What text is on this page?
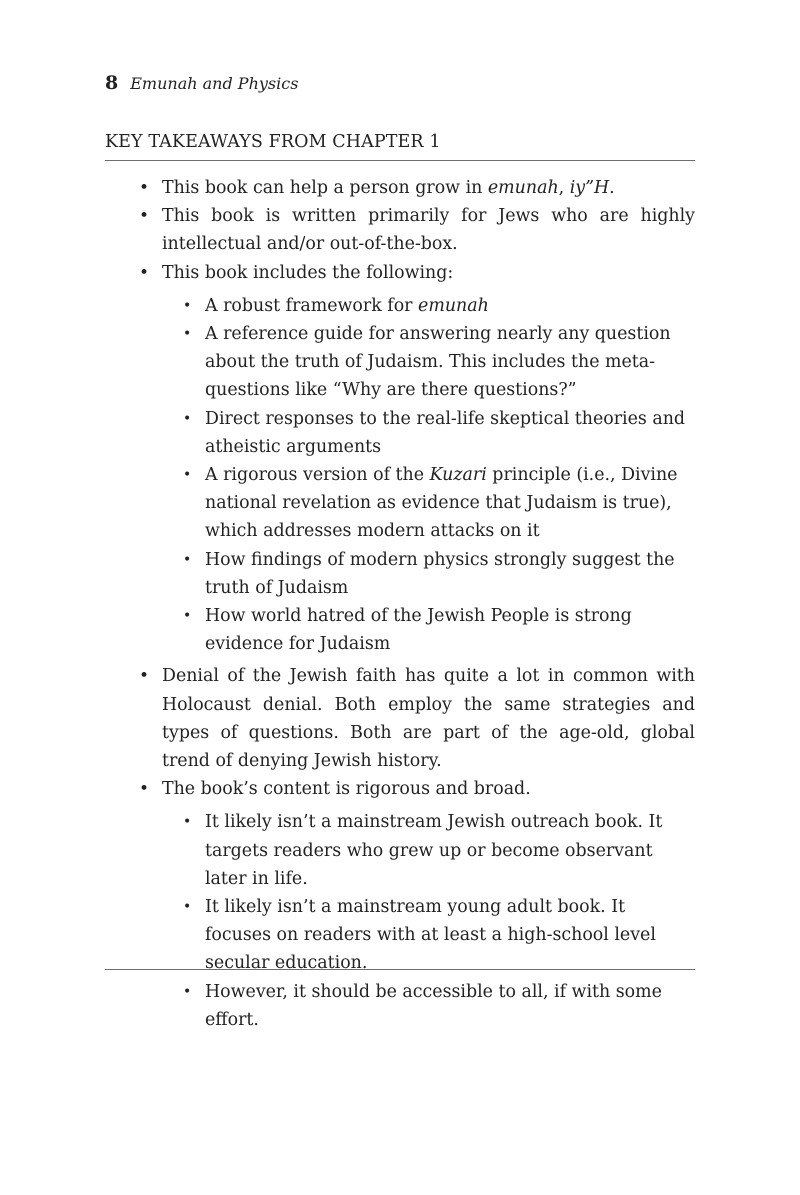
8 Emunah and Physics
KEY TAKEAWAYS FROM CHAPTER 1
• This book can help a person grow in emunah, iy”H.
• This book is written primarily for Jews who are highly intellectual and/or out-of-the-box.
• This book includes the following:
• A robust framework for emunah
• A reference guide for answering nearly any question about the truth of Judaism. This includes the meta-questions like “Why are there questions?”
• Direct responses to the real-life skeptical theories and atheistic arguments
• A rigorous version of the Kuzari principle (i.e., Divine national revelation as evidence that Judaism is true), which addresses modern attacks on it
• How findings of modern physics strongly suggest the truth of Judaism
• How world hatred of the Jewish People is strong evidence for Judaism
• Denial of the Jewish faith has quite a lot in common with Holocaust denial. Both employ the same strategies and types of questions. Both are part of the age-old, global trend of denying Jewish history.
• The book’s content is rigorous and broad.
• It likely isn’t a mainstream Jewish outreach book. It targets readers who grew up or become observant later in life.
• It likely isn’t a mainstream young adult book. It focuses on readers with at least a high-school level secular education.
• However, it should be accessible to all, if with some effort.
